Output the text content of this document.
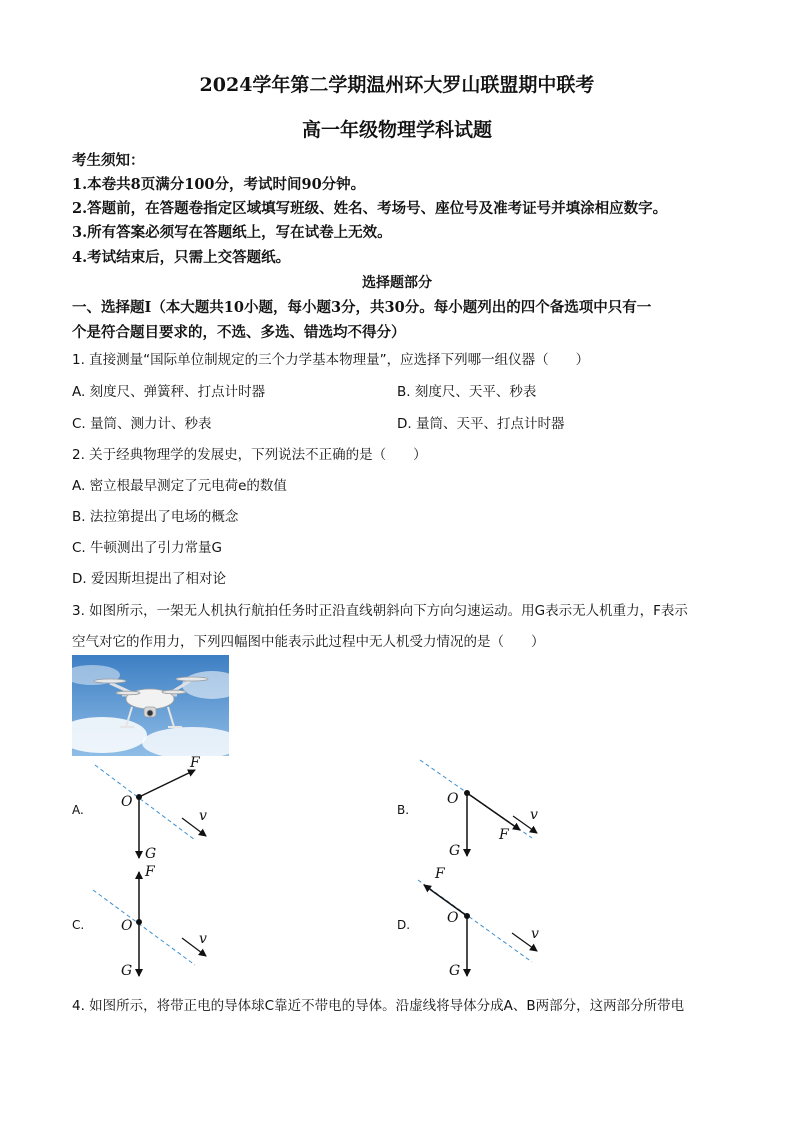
2024学年第二学期温州环大罗山联盟期中联考
高一年级物理学科试题
考生须知：
1.本卷共8页满分100分，考试时间90分钟。
2.答题前，在答题卷指定区域填写班级、姓名、考场号、座位号及准考证号并填涂相应数字。
3.所有答案必须写在答题纸上，写在试卷上无效。
4.考试结束后，只需上交答题纸。
选择题部分
一、选择题Ⅰ（本大题共10小题，每小题3分，共30分。每小题列出的四个备选项中只有一
个是符合题目要求的，不选、多选、错选均不得分）
1. 直接测量“国际单位制规定的三个力学基本物理量”，应选择下列哪一组仪器（　　）
A. 刻度尺、弹簧秤、打点计时器	B. 刻度尺、天平、秒表
C. 量筒、测力计、秒表	D. 量筒、天平、打点计时器
2. 关于经典物理学的发展史，下列说法不正确的是（　　）
A. 密立根最早测定了元电荷e的数值
B. 法拉第提出了电场的概念
C. 牛顿测出了引力常量G
D. 爱因斯坦提出了相对论
3. 如图所示，一架无人机执行航拍任务时正沿直线朝斜向下方向匀速运动。用G表示无人机重力，F表示
空气对它的作用力，下列四幅图中能表示此过程中无人机受力情况的是（　　）
A.	B.
C.	D.
F
O
v
G
O
v
F
G
F
O
v
G
F
O
v
G
4. 如图所示，将带正电的导体球C靠近不带电的导体。沿虚线将导体分成A、B两部分，这两部分所带电
